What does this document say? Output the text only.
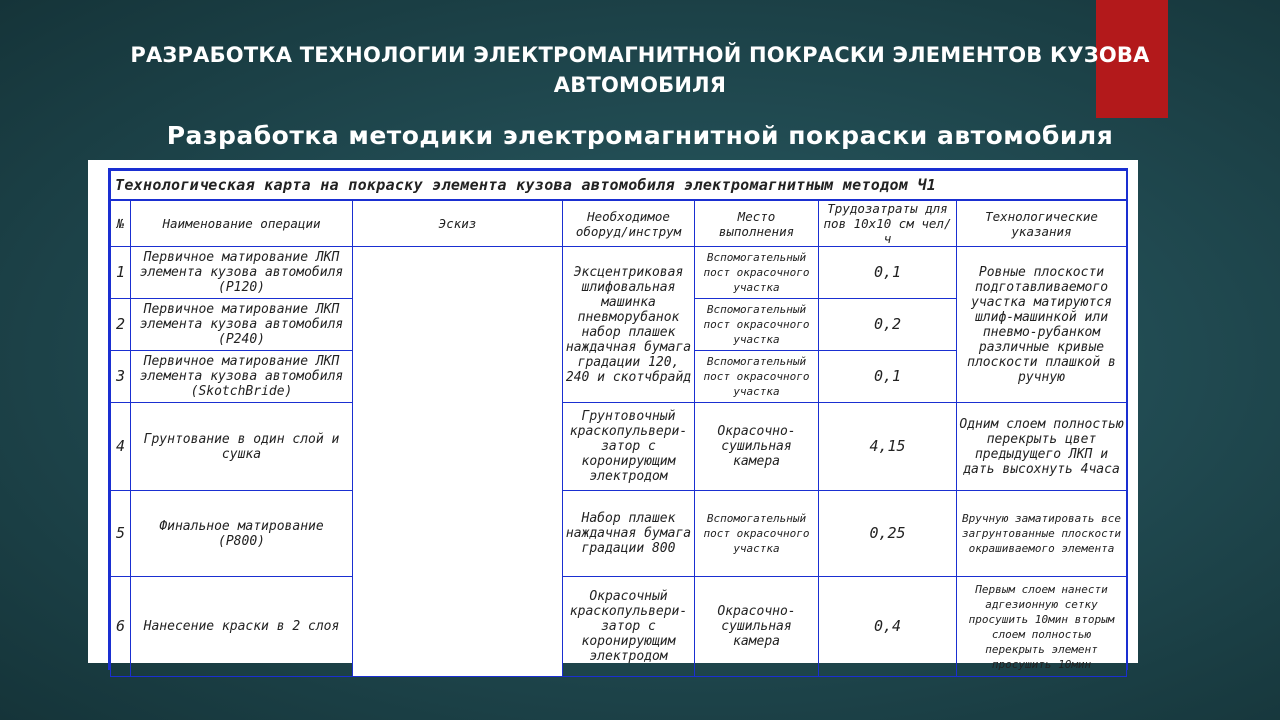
РАЗРАБОТКА ТЕХНОЛОГИИ ЭЛЕКТРОМАГНИТНОЙ ПОКРАСКИ ЭЛЕМЕНТОВ КУЗОВА АВТОМОБИЛЯ
Разработка методики электромагнитной покраски автомобиля
Технологическая карта на покраску элемента кузова автомобиля электромагнитным методом Ч1						
№	Наименование операции	Эскиз	Необходимое оборуд/инструм	Место выполнения	Трудозатраты для пов 10х10 см чел/ч	Технологические указания
1	Первичное матирование ЛКП элемента кузова автомобиля (Р120)		Эксцентриковая шлифовальная машинка пневморубанок набор плашек наждачная бумага градации 120, 240 и скотчбрайд	Вспомогательный пост окрасочного участка	0,1	Ровные плоскости подготавливаемого участка матируются шлиф-машинкой или пневмо-рубанком различные кривые плоскости плашкой в ручную
2	Первичное матирование ЛКП элемента кузова автомобиля (Р240)			Вспомогательный пост окрасочного участка	0,2	
3	Первичное матирование ЛКП элемента кузова автомобиля (SkotchBride)			Вспомогательный пост окрасочного участка	0,1	
4	Грунтование в один слой и сушка		Грунтовочный краскопульвери-затор с коронирующим электродом	Окрасочно-сушильная камера	4,15	Одним слоем полностью перекрыть цвет предыдущего ЛКП и дать высохнуть 4часа
5	Финальное матирование (Р800)		Набор плашек наждачная бумага градации 800	Вспомогательный пост окрасочного участка	0,25	Вручную заматировать все загрунтованные плоскости окрашиваемого элемента
6	Нанесение краски в 2 слоя		Окрасочный краскопульвери-затор с коронирующим электродом	Окрасочно-сушильная камера	0,4	Первым слоем нанести адгезионную сетку просушить 10мин вторым слоем полностью перекрыть элемент просушить 10мин
